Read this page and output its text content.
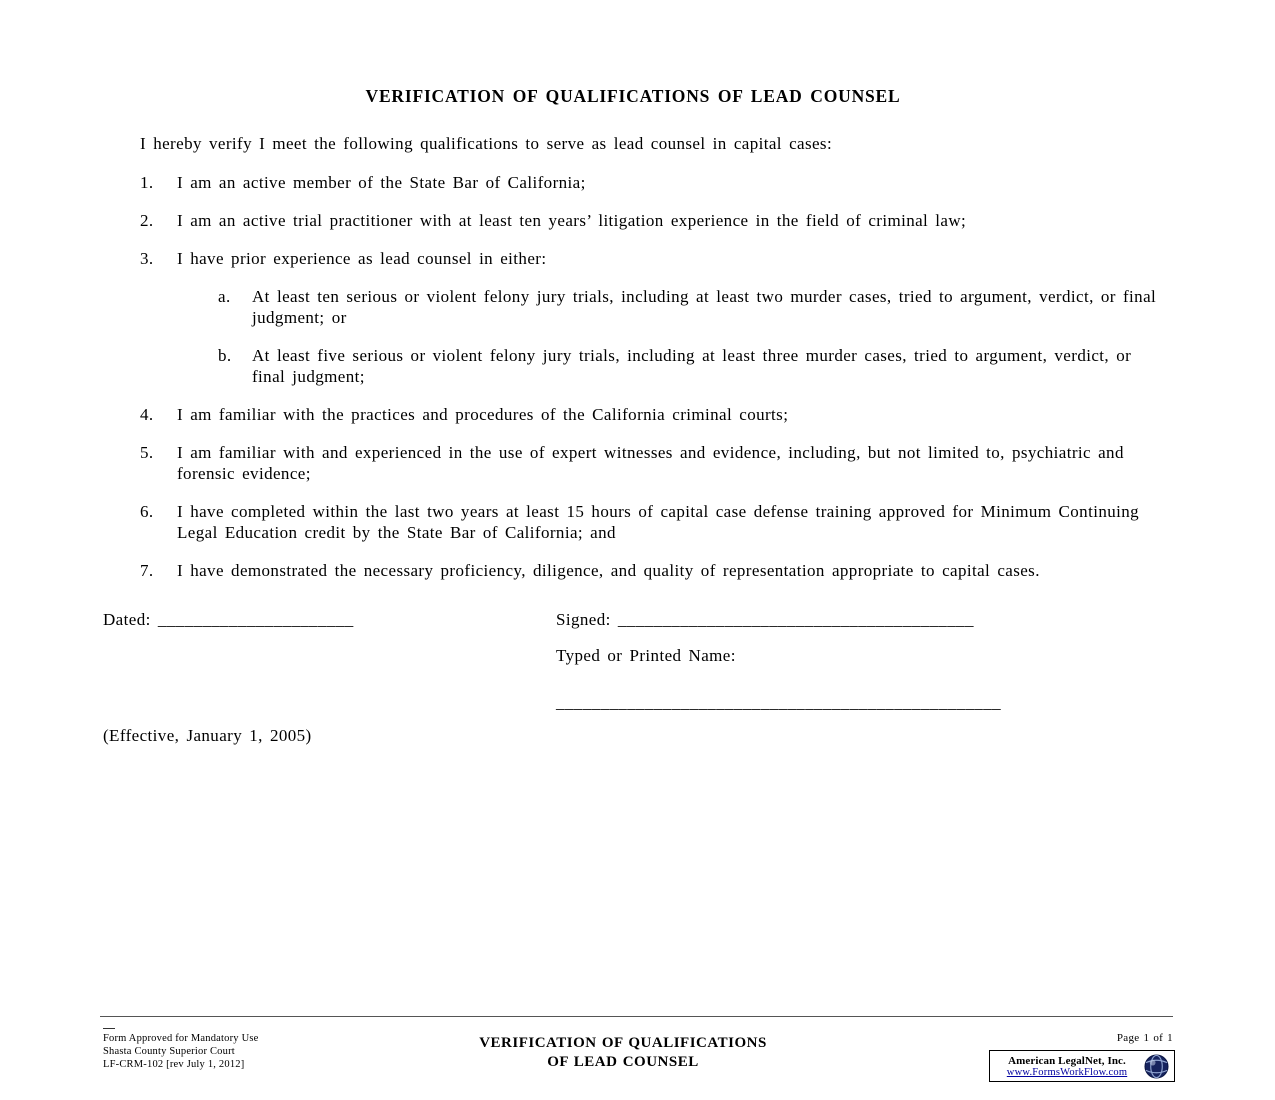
VERIFICATION OF QUALIFICATIONS OF LEAD COUNSEL

I hereby verify I meet the following qualifications to serve as lead counsel in capital cases:

1.	I am an active member of the State Bar of California;
2.	I am an active trial practitioner with at least ten years’ litigation experience in the field of criminal law;
3.	I have prior experience as lead counsel in either:
a.	At least ten serious or violent felony jury trials, including at least two murder cases, tried to argument, verdict, or final judgment; or
b.	At least five serious or violent felony jury trials, including at least three murder cases, tried to argument, verdict, or final judgment;
4.	I am familiar with the practices and procedures of the California criminal courts;
5.	I am familiar with and experienced in the use of expert witnesses and evidence, including, but not limited to, psychiatric and forensic evidence;
6.	I have completed within the last two years at least 15 hours of capital case defense training approved for Minimum Continuing Legal Education credit by the State Bar of California; and
7.	I have demonstrated the necessary proficiency, diligence, and quality of representation appropriate to capital cases.
Dated: ______________________	Signed: ________________________________________
Typed or Printed Name:
__________________________________________________

(Effective, January 1, 2005)

Form Approved for Mandatory Use
Shasta County Superior Court
LF-CRM-102 [rev July 1, 2012]
VERIFICATION OF QUALIFICATIONS
OF LEAD COUNSEL
Page 1 of 1
American LegalNet, Inc.
www.FormsWorkFlow.com
